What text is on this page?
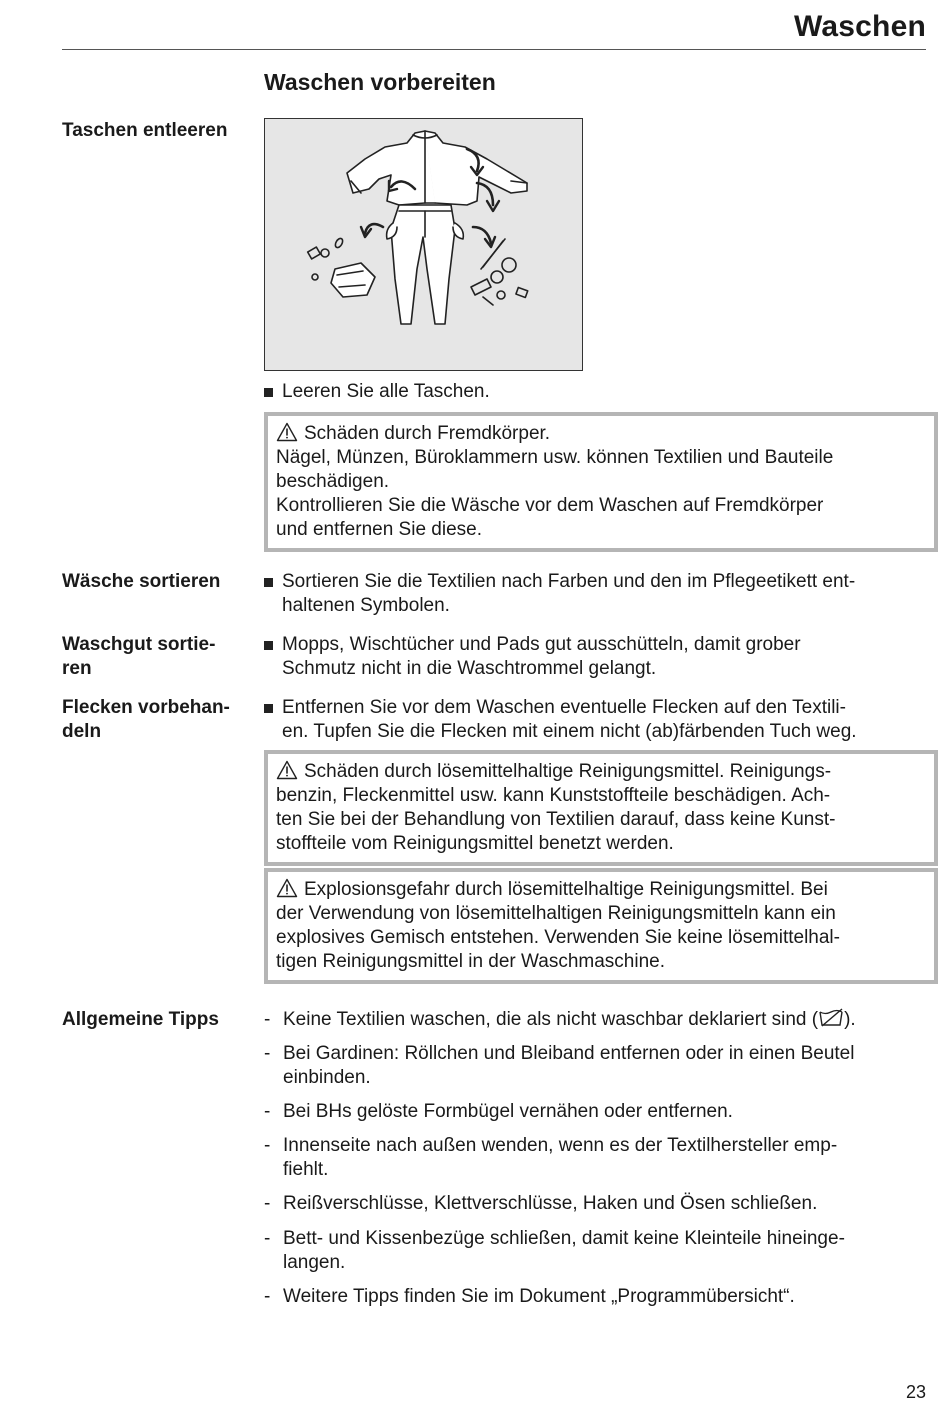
Waschen
Waschen vorbereiten
Taschen entleeren
Leeren Sie alle Taschen.

Schäden durch Fremdkörper.

Nägel, Münzen, Büroklammern usw. können Textilien und Bauteile

beschädigen.

Kontrollieren Sie die Wäsche vor dem Waschen auf Fremdkörper

und entfernen Sie diese.

Wäsche sortieren	Sortieren Sie die Textilien nach Farben und den im Pflegeetikett ent-
haltenen Symbolen.
Waschgut sortie-
ren
Mopps, Wischtücher und Pads gut ausschütteln, damit grober
Schmutz nicht in die Waschtrommel gelangt.
Flecken vorbehan-
deln
Entfernen Sie vor dem Waschen eventuelle Flecken auf den Textili-
en. Tupfen Sie die Flecken mit einem nicht (ab)färbenden Tuch weg.

Schäden durch lösemittelhaltige Reinigungsmittel. Reinigungs-

benzin, Fleckenmittel usw. kann Kunststoffteile beschädigen. Ach-

ten Sie bei der Behandlung von Textilien darauf, dass keine Kunst-

stoffteile vom Reinigungsmittel benetzt werden.

Explosionsgefahr durch lösemittelhaltige Reinigungsmittel. Bei

der Verwendung von lösemittelhaltigen Reinigungsmitteln kann ein

explosives Gemisch entstehen. Verwenden Sie keine lösemittelhal-

tigen Reinigungsmittel in der Waschmaschine.

Allgemeine Tipps	- Keine Textilien waschen, die als nicht waschbar deklariert sind ( ).
- Bei Gardinen: Röllchen und Bleiband entfernen oder in einen Beutel
einbinden.
- Bei BHs gelöste Formbügel vernähen oder entfernen.
- Innenseite nach außen wenden, wenn es der Textilhersteller emp-
fiehlt.
- Reißverschlüsse, Klettverschlüsse, Haken und Ösen schließen.
- Bett- und Kissenbezüge schließen, damit keine Kleinteile hineinge-
langen.
- Weitere Tipps finden Sie im Dokument „Programmübersicht“.
23
